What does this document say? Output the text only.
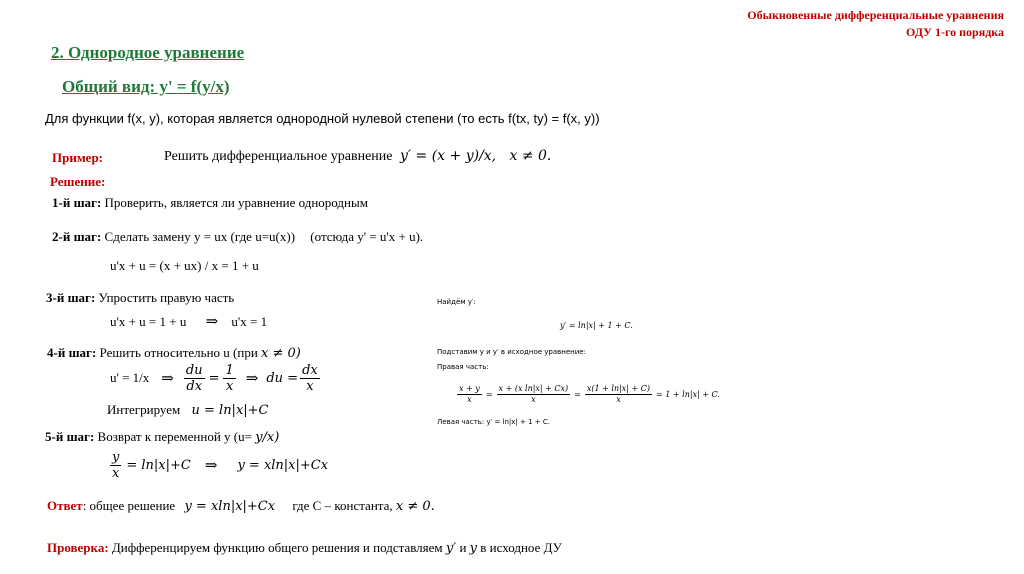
Обыкновенные дифференциальные уравнения
ОДУ 1-го порядка
2. Однородное уравнение
Общий вид: y' = f(y/x)
Для функции f(x, y), которая является однородной нулевой степени (то есть f(tx, ty) = f(x, y))
Пример:	Решить дифференциальное уравнение y′ = (x + y)/x,   x ≠ 0.
Решение:
1-й шаг: Проверить, является ли уравнение однородным
2-й шаг: Сделать замену y = ux (где u=u(x)) (отсюда y' = u'x + u).
u'x + u = (x + ux) / x = 1 + u
3-й шаг: Упростить правую часть
u'x + u = 1 + u ⇒ u'x = 1
4-й шаг: Решить относительно u (при x ≠ 0)
u' = 1/x ⇒ $\frac{du}{dx} = \frac{1}{x}$ ⇒ du = $\frac{dx}{x}$
Интегрируем u = ln|x|+C
5-й шаг: Возврат к переменной y (u= y/x)
$\frac{y}{x} = \ln|x|+C$ ⇒ y = xln|x|+Cx
Ответ: общее решение y = xln|x|+Cx где C – константа, x ≠ 0.
Проверка: Дифференцируем функцию общего решения и подставляем y′ и y в исходное ДУ
Найдём y′:
y′ = ln|x| + 1 + C.
Подставим y и y′ в исходное уравнение:
Правая часть:
$\frac{x + y}{x} = \frac{\text{x + (x ln|x| + Cx)}}{x} = \frac{x(1 + \ln|x| + C)}{x} = 1 + \ln|x| + C$.
Левая часть: y′ = ln|x| + 1 + C.
